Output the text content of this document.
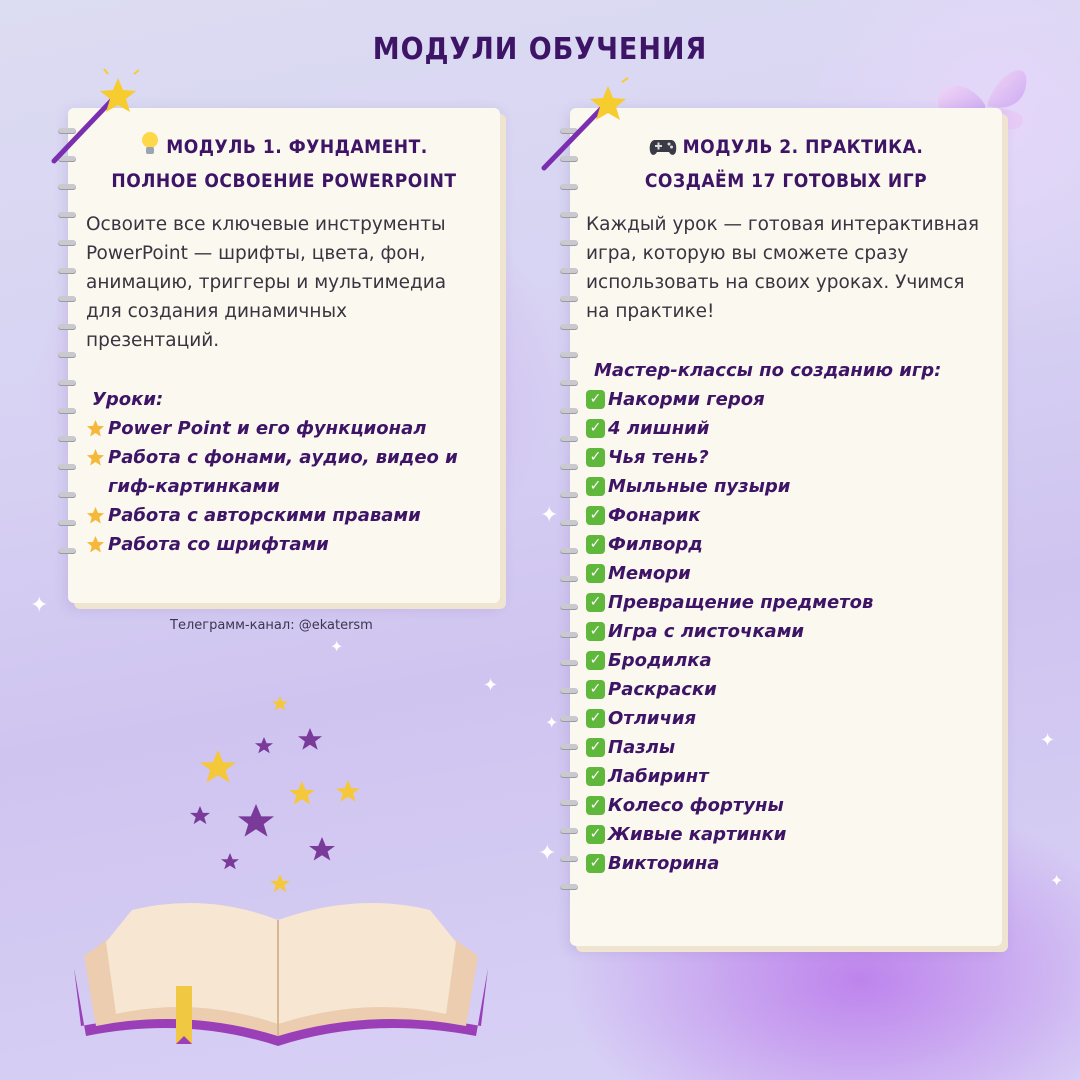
МОДУЛИ ОБУЧЕНИЯ
✦
✦
✦
✦
✦
✦
✦
✦
МОДУЛЬ 1. ФУНДАМЕНТ.
ПОЛНОЕ ОСВОЕНИЕ POWERPOINT
Освоите все ключевые инструменты PowerPoint — шрифты, цвета, фон, анимацию, триггеры и мультимедиа для создания динамичных презентаций.
Уроки:
Power Point и его функционал
Работа с фонами, аудио, видео и гиф-картинками
Работа с авторскими правами
Работа со шрифтами
Телеграмм-канал: @ekatersm
МОДУЛЬ 2. ПРАКТИКА.
СОЗДАЁМ 17 ГОТОВЫХ ИГР
Каждый урок — готовая интерактивная игра, которую вы сможете сразу использовать на своих уроках. Учимся на практике!
Мастер-классы по созданию игр:
✓ Накорми героя
✓ 4 лишний
✓ Чья тень?
✓ Мыльные пузыри
✓ Фонарик
✓ Филворд
✓ Мемори
✓ Превращение предметов
✓ Игра с листочками
✓ Бродилка
✓ Раскраски
✓ Отличия
✓ Пазлы
✓ Лабиринт
✓ Колесо фортуны
✓ Живые картинки
✓ Викторина
